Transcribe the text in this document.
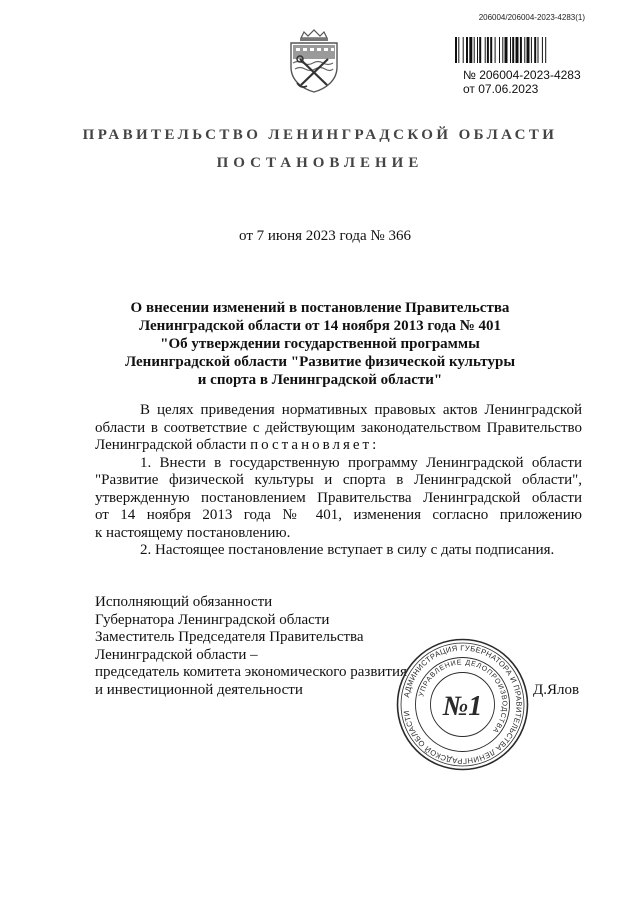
206004/206004-2023-4283(1)
№ 206004-2023-4283
от 07.06.2023
ПРАВИТЕЛЬСТВО ЛЕНИНГРАДСКОЙ ОБЛАСТИ
ПОСТАНОВЛЕНИЕ
от 7 июня 2023 года № 366
О внесении изменений в постановление Правительства
Ленинградской области от 14 ноября 2013 года № 401
"Об утверждении государственной программы
Ленинградской области "Развитие физической культуры
и спорта в Ленинградской области"
В целях приведения нормативных правовых актов Ленинградской
области в соответствие с действующим законодательством Правительство
Ленинградской области постановляет:
1. Внести в государственную программу Ленинградской области
"Развитие физической культуры и спорта в Ленинградской области",
утвержденную постановлением Правительства Ленинградской области
от 14 ноября 2013 года № 401, изменения согласно приложению
к настоящему постановлению.
2. Настоящее постановление вступает в силу с даты подписания.
Исполняющий обязанности
Губернатора Ленинградской области
Заместитель Председателя Правительства
Ленинградской области –
председатель комитета экономического развития
и инвестиционной деятельности	Д.Ялов
АДМИНИСТРАЦИЯ ГУБЕРНАТОРА И ПРАВИТЕЛЬСТВА ЛЕНИНГРАДСКОЙ ОБЛАСТИ
УПРАВЛЕНИЕ ДЕЛОПРОИЗВОДСТВА
№1
